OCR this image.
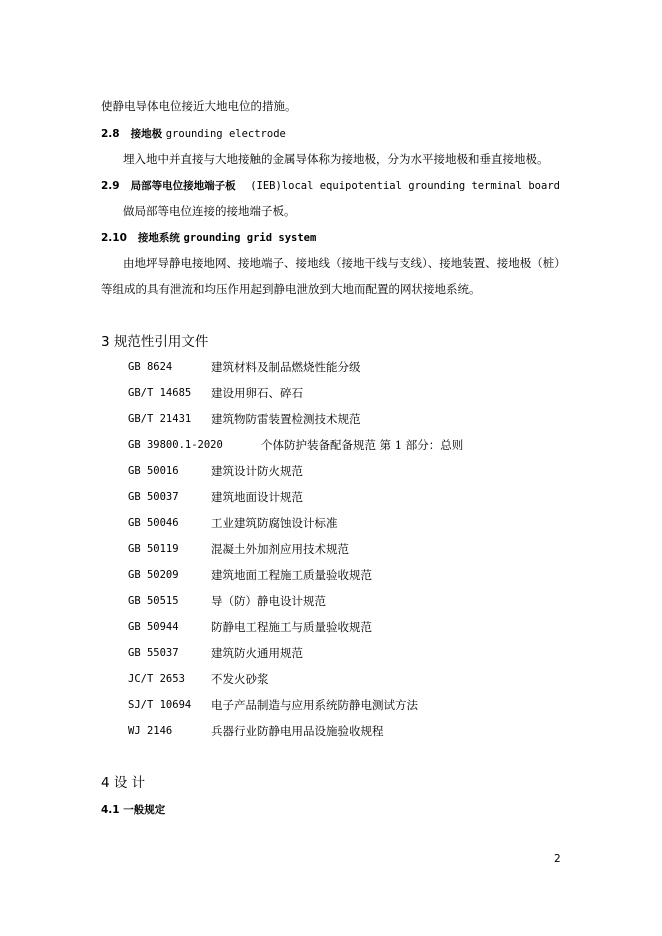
使静电导体电位接近大地电位的措施。
2.8 接地极 grounding electrode
埋入地中并直接与大地接触的金属导体称为接地极，分为水平接地极和垂直接地极。
2.9 局部等电位接地端子板 (IEB)local equipotential grounding terminal board
做局部等电位连接的接地端子板。
2.10 接地系统 grounding grid system
由地坪导静电接地网、接地端子、接地线（接地干线与支线）、接地装置、接地极（桩）
等组成的具有泄流和均压作用起到静电泄放到大地而配置的网状接地系统。
3 规范性引用文件
GB 8624	建筑材料及制品燃烧性能分级
GB/T 14685 建设用卵石、碎石
GB/T 21431 建筑物防雷装置检测技术规范
GB 39800.1-2020	个体防护装备配备规范 第 1 部分：总则
GB 50016	建筑设计防火规范
GB 50037	建筑地面设计规范
GB 50046	工业建筑防腐蚀设计标准
GB 50119	混凝土外加剂应用技术规范
GB 50209	建筑地面工程施工质量验收规范
GB 50515	导（防）静电设计规范
GB 50944	防静电工程施工与质量验收规范
GB 55037	建筑防火通用规范
JC/T 2653 不发火砂浆
SJ/T 10694 电子产品制造与应用系统防静电测试方法
WJ 2146	兵器行业防静电用品设施验收规程
4 设 计
4.1 一般规定
2
